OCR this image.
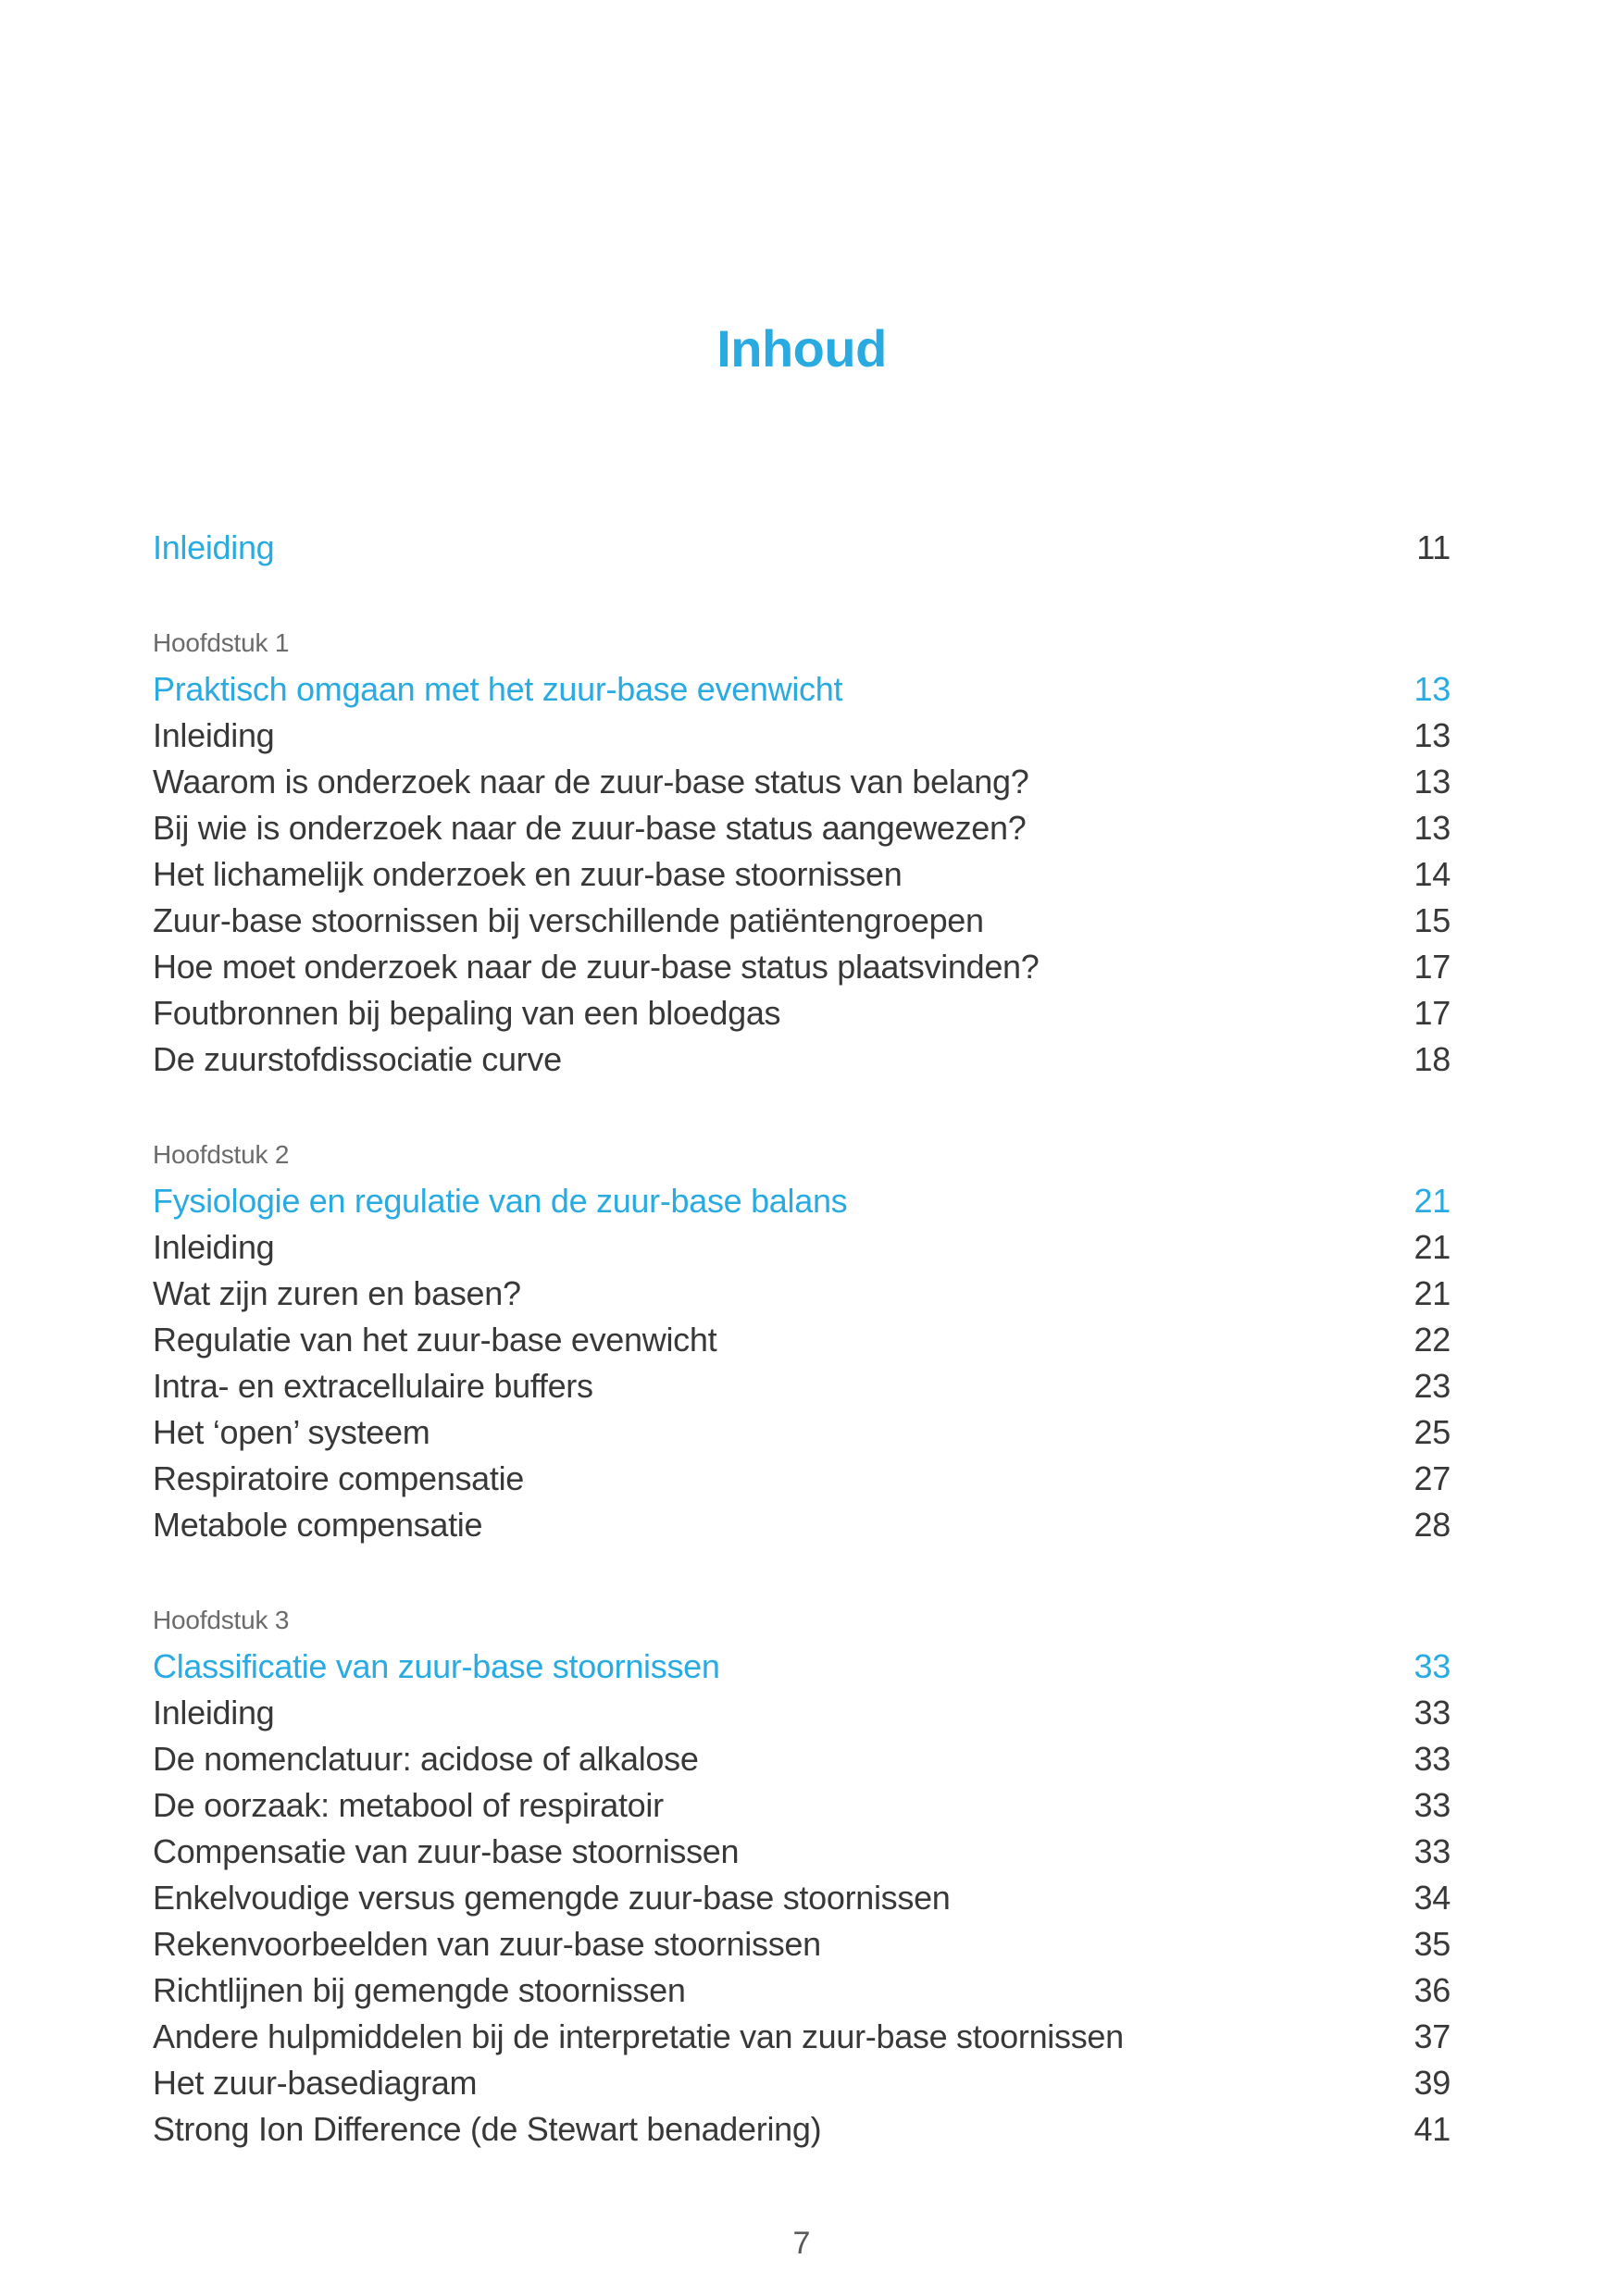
Inhoud
Inleiding	11
Hoofdstuk 1
Praktisch omgaan met het zuur-base evenwicht	13
Inleiding	13
Waarom is onderzoek naar de zuur-base status van belang?	13
Bij wie is onderzoek naar de zuur-base status aangewezen?	13
Het lichamelijk onderzoek en zuur-base stoornissen	14
Zuur-base stoornissen bij verschillende patiëntengroepen	15
Hoe moet onderzoek naar de zuur-base status plaatsvinden?	17
Foutbronnen bij bepaling van een bloedgas	17
De zuurstofdissociatie curve	18
Hoofdstuk 2
Fysiologie en regulatie van de zuur-base balans	21
Inleiding	21
Wat zijn zuren en basen?	21
Regulatie van het zuur-base evenwicht	22
Intra- en extracellulaire buffers	23
Het ‘open’ systeem	25
Respiratoire compensatie	27
Metabole compensatie	28
Hoofdstuk 3
Classificatie van zuur-base stoornissen	33
Inleiding	33
De nomenclatuur: acidose of alkalose	33
De oorzaak: metabool of respiratoir	33
Compensatie van zuur-base stoornissen	33
Enkelvoudige versus gemengde zuur-base stoornissen	34
Rekenvoorbeelden van zuur-base stoornissen	35
Richtlijnen bij gemengde stoornissen	36
Andere hulpmiddelen bij de interpretatie van zuur-base stoornissen	37
Het zuur-basediagram	39
Strong Ion Difference (de Stewart benadering)	41
7
